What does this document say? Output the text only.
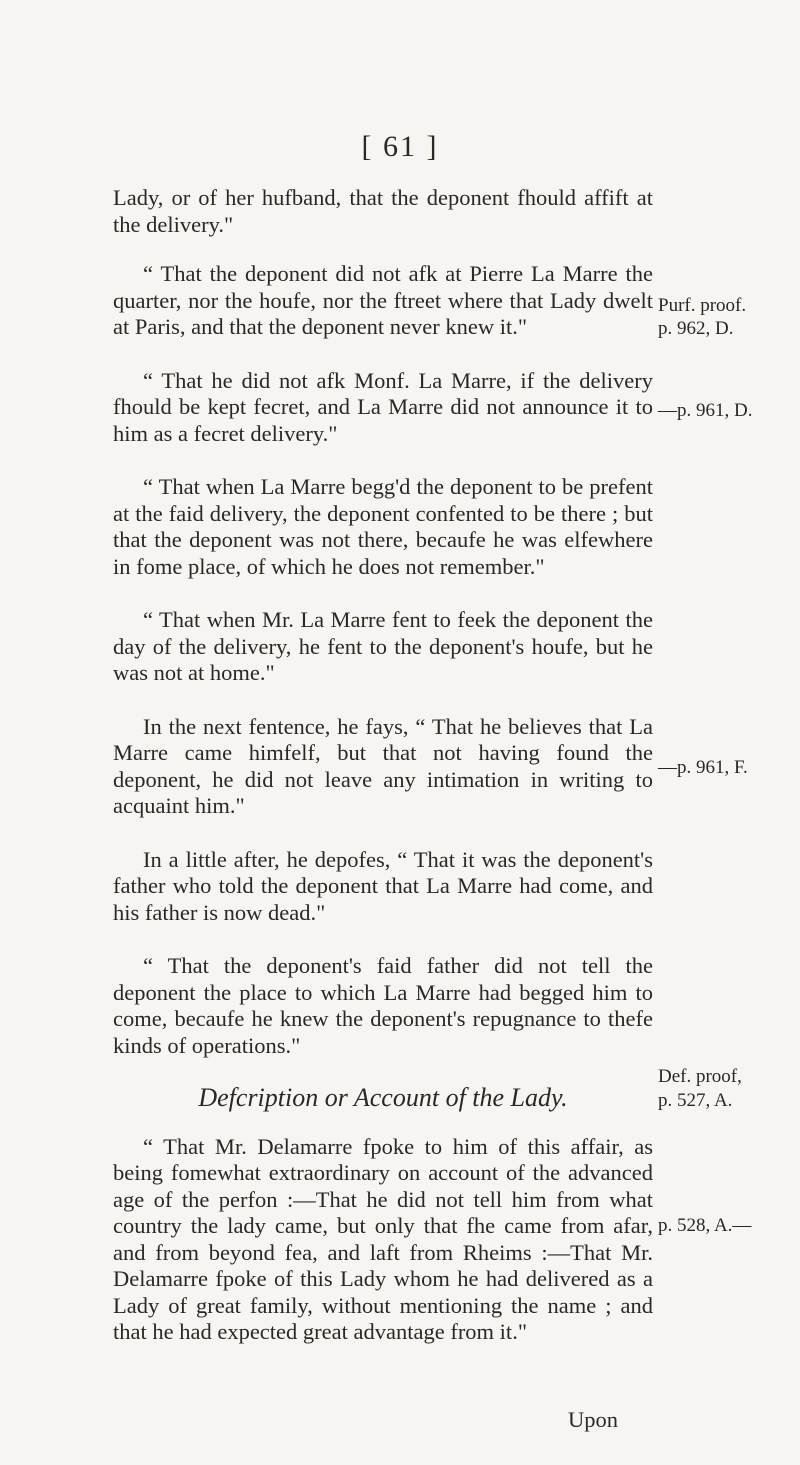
[ 61 ]

Lady, or of her hufband, that the deponent fhould affift at the delivery."

“ That the deponent did not afk at Pierre La Marre the quarter, nor the houfe, nor the ftreet where that Lady dwelt at Paris, and that the deponent never knew it."

“ That he did not afk Monf. La Marre, if the delivery fhould be kept fecret, and La Marre did not announce it to him as a fecret delivery."

“ That when La Marre begg'd the deponent to be prefent at the faid delivery, the deponent confented to be there ; but that the deponent was not there, becaufe he was elfewhere in fome place, of which he does not remember."

“ That when Mr. La Marre fent to feek the deponent the day of the delivery, he fent to the deponent's houfe, but he was not at home."

In the next fentence, he fays, “ That he believes that La Marre came himfelf, but that not having found the deponent, he did not leave any intimation in writing to acquaint him."

In a little after, he depofes, “ That it was the deponent's father who told the deponent that La Marre had come, and his father is now dead."

“ That the deponent's faid father did not tell the deponent the place to which La Marre had begged him to come, becaufe he knew the deponent's repugnance to thefe kinds of operations."

Defcription or Account of the Lady.

“ That Mr. Delamarre fpoke to him of this affair, as being fomewhat extraordinary on account of the advanced age of the perfon :—That he did not tell him from what country the lady came, but only that fhe came from afar, and from beyond fea, and laft from Rheims :—That Mr. Delamarre fpoke of this Lady whom he had delivered as a Lady of great family, without mentioning the name ; and that he had expected great advantage from it."

Purf. proof.
p. 962, D.
—p. 961, D.
—p. 961, F.
Def. proof,
p. 527, A.
p. 528, A.—
Upon
